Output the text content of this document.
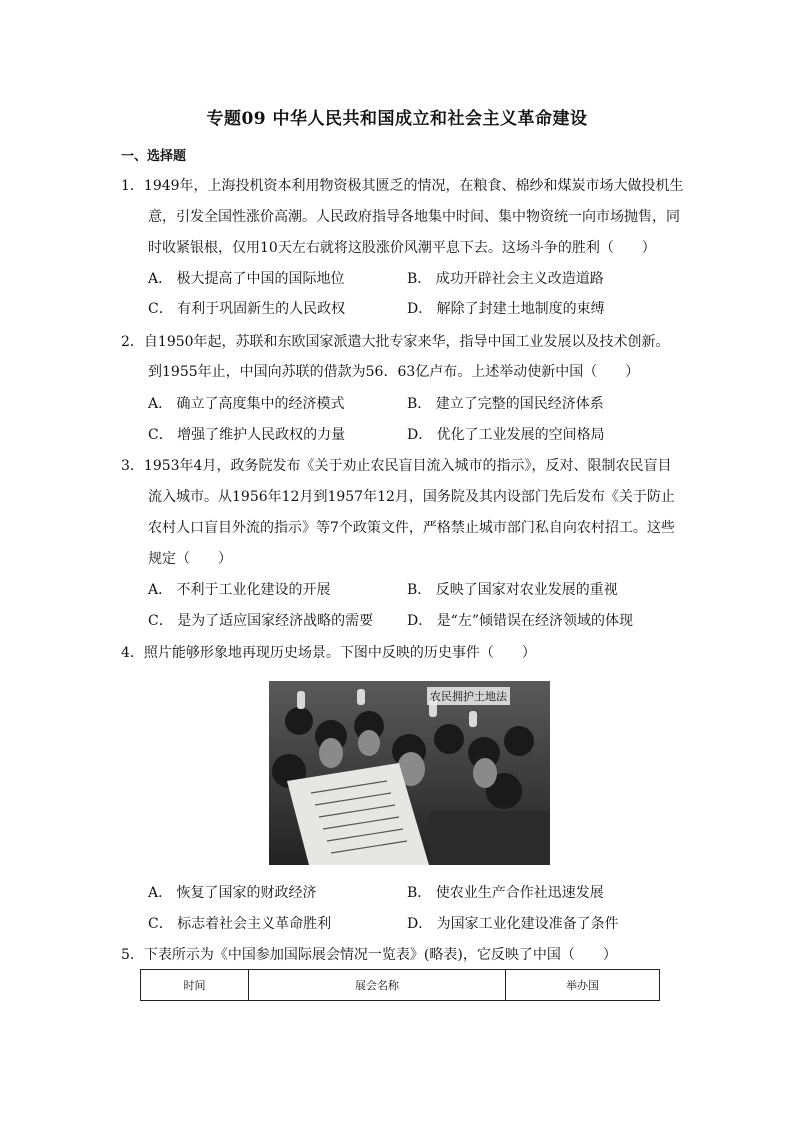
专题09 中华人民共和国成立和社会主义革命建设
一、选择题
1．1949年，上海投机资本利用物资极其匮乏的情况，在粮食、棉纱和煤炭市场大做投机生
意，引发全国性涨价高潮。人民政府指导各地集中时间、集中物资统一向市场抛售，同
时收紧银根，仅用10天左右就将这股涨价风潮平息下去。这场斗争的胜利（　　）
A． 极大提高了中国的国际地位	B． 成功开辟社会主义改造道路
C． 有利于巩固新生的人民政权	D． 解除了封建土地制度的束缚
2．自1950年起，苏联和东欧国家派遣大批专家来华，指导中国工业发展以及技术创新。
到1955年止，中国向苏联的借款为56．63亿卢布。上述举动使新中国（　　）
A． 确立了高度集中的经济模式	B． 建立了完整的国民经济体系
C． 增强了维护人民政权的力量	D． 优化了工业发展的空间格局
3．1953年4月，政务院发布《关于劝止农民盲目流入城市的指示》，反对、限制农民盲目
流入城市。从1956年12月到1957年12月，国务院及其内设部门先后发布《关于防止
农村人口盲目外流的指示》等7个政策文件，严格禁止城市部门私自向农村招工。这些
规定（　　）
A． 不利于工业化建设的开展	B． 反映了国家对农业发展的重视
C． 是为了适应国家经济战略的需要 D． 是“左”倾错误在经济领域的体现
4．照片能够形象地再现历史场景。下图中反映的历史事件（　　）
农民拥护土地法
A． 恢复了国家的财政经济	B． 使农业生产合作社迅速发展
C． 标志着社会主义革命胜利	D． 为国家工业化建设准备了条件
5．下表所示为《中国参加国际展会情况一览表》(略表)，它反映了中国（　　）
时间	展会名称	举办国
